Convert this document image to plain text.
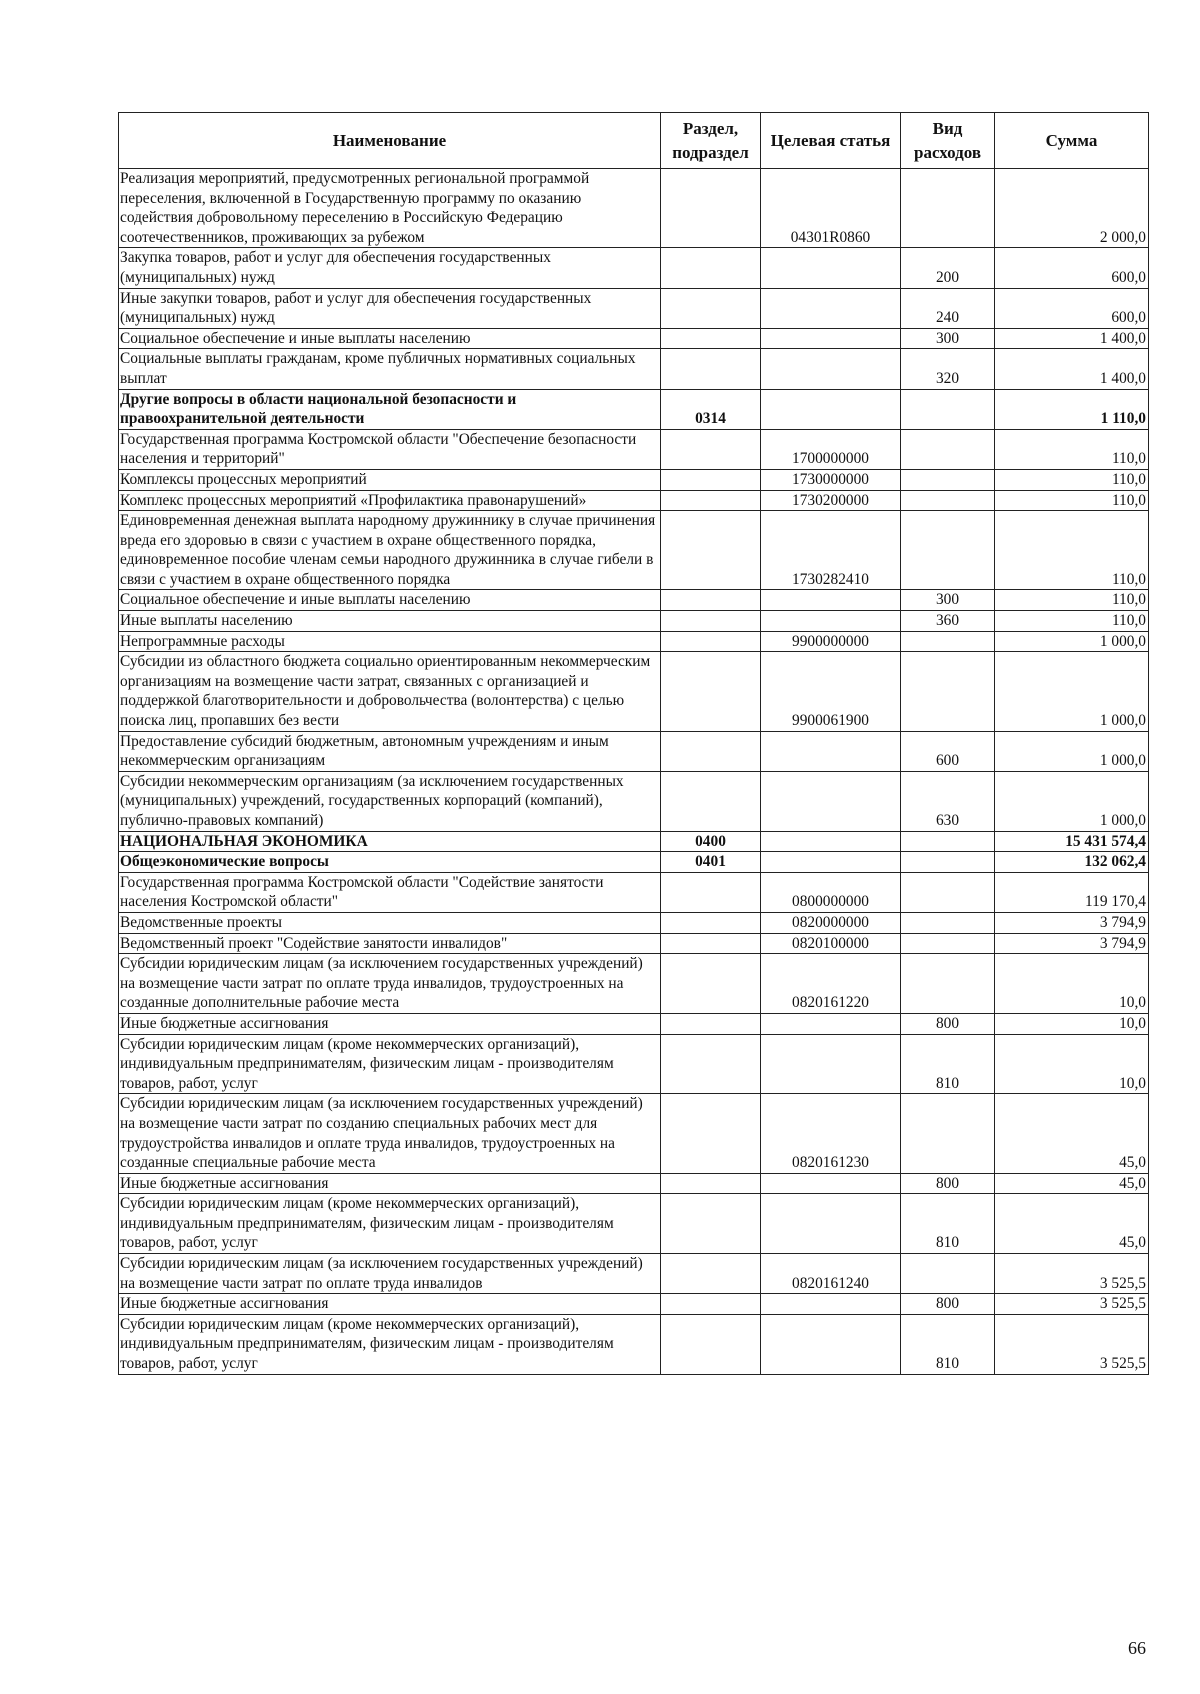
Наименование	Раздел, подраздел	Целевая статья	Вид расходов	Сумма
Реализация мероприятий, предусмотренных региональной программой переселения, включенной в Государственную программу по оказанию содействия добровольному переселению в Российскую Федерацию соотечественников, проживающих за рубежом		04301R0860		2 000,0
Закупка товаров, работ и услуг для обеспечения государственных (муниципальных) нужд			200	600,0
Иные закупки товаров, работ и услуг для обеспечения государственных (муниципальных) нужд			240	600,0
Социальное обеспечение и иные выплаты населению			300	1 400,0
Социальные выплаты гражданам, кроме публичных нормативных социальных выплат			320	1 400,0
Другие вопросы в области национальной безопасности и правоохранительной деятельности	0314			1 110,0
Государственная программа Костромской области "Обеспечение безопасности населения и территорий"		1700000000		110,0
Комплексы процессных мероприятий		1730000000		110,0
Комплекс процессных мероприятий «Профилактика правонарушений»		1730200000		110,0
Единовременная денежная выплата народному дружиннику в случае причинения вреда его здоровью в связи с участием в охране общественного порядка, единовременное пособие членам семьи народного дружинника в случае гибели в связи с участием в охране общественного порядка		1730282410		110,0
Социальное обеспечение и иные выплаты населению			300	110,0
Иные выплаты населению			360	110,0
Непрограммные расходы		9900000000		1 000,0
Субсидии из областного бюджета социально ориентированным некоммерческим организациям на возмещение части затрат, связанных с организацией и поддержкой благотворительности и добровольчества (волонтерства) с целью поиска лиц, пропавших без вести		9900061900		1 000,0
Предоставление субсидий бюджетным, автономным учреждениям и иным некоммерческим организациям			600	1 000,0
Субсидии некоммерческим организациям (за исключением государственных (муниципальных) учреждений, государственных корпораций (компаний), публично-правовых компаний)			630	1 000,0
НАЦИОНАЛЬНАЯ ЭКОНОМИКА	0400			15 431 574,4
Общеэкономические вопросы	0401			132 062,4
Государственная программа Костромской области "Содействие занятости населения Костромской области"		0800000000		119 170,4
Ведомственные проекты		0820000000		3 794,9
Ведомственный проект "Содействие занятости инвалидов"		0820100000		3 794,9
Субсидии юридическим лицам (за исключением государственных учреждений) на возмещение части затрат по оплате труда инвалидов, трудоустроенных на созданные дополнительные рабочие места		0820161220		10,0
Иные бюджетные ассигнования			800	10,0
Субсидии юридическим лицам (кроме некоммерческих организаций), индивидуальным предпринимателям, физическим лицам - производителям товаров, работ, услуг			810	10,0
Субсидии юридическим лицам (за исключением государственных учреждений) на возмещение части затрат по созданию специальных рабочих мест для трудоустройства инвалидов и оплате труда инвалидов, трудоустроенных на созданные специальные рабочие места		0820161230		45,0
Иные бюджетные ассигнования			800	45,0
Субсидии юридическим лицам (кроме некоммерческих организаций), индивидуальным предпринимателям, физическим лицам - производителям товаров, работ, услуг			810	45,0
Субсидии юридическим лицам (за исключением государственных учреждений) на возмещение части затрат по оплате труда инвалидов		0820161240		3 525,5
Иные бюджетные ассигнования			800	3 525,5
Субсидии юридическим лицам (кроме некоммерческих организаций), индивидуальным предпринимателям, физическим лицам - производителям товаров, работ, услуг			810	3 525,5
66
